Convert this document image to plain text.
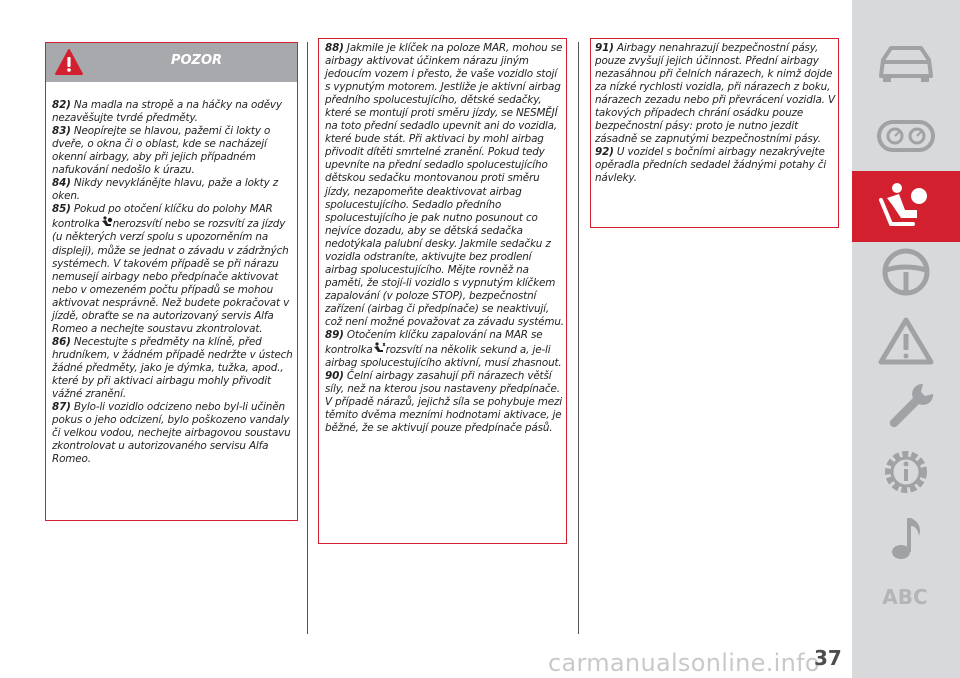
POZOR

82) Na madla na stropě a na háčky na oděvy nezavěšujte tvrdé předměty.

83) Neopírejte se hlavou, pažemi či lokty o dveře, o okna či o oblast, kde se nacházejí okenní airbagy, aby při jejich případném nafukování nedošlo k úrazu.

84) Nikdy nevyklánějte hlavu, paže a lokty z oken.

85) Pokud po otočení klíčku do polohy MAR kontrolka nerozsvítí nebo se rozsvítí za jízdy (u některých verzí spolu s upozorněním na displeji), může se jednat o závadu v zádržných systémech. V takovém případě se při nárazu nemusejí airbagy nebo předpínače aktivovat nebo v omezeném počtu případů se mohou aktivovat nesprávně. Než budete pokračovat v jízdě, obraťte se na autorizovaný servis Alfa Romeo a nechejte soustavu zkontrolovat.

86) Necestujte s předměty na klíně, před hrudníkem, v žádném případě nedržte v ústech žádné předměty, jako je dýmka, tužka, apod., které by při aktivaci airbagu mohly přivodit vážné zranění.

87) Bylo-li vozidlo odcizeno nebo byl-li učiněn pokus o jeho odcizení, bylo poškozeno vandaly či velkou vodou, nechejte airbagovou soustavu zkontrolovat u autorizovaného servisu Alfa Romeo.

88) Jakmile je klíček na poloze MAR, mohou se airbagy aktivovat účinkem nárazu jiným jedoucím vozem i přesto, že vaše vozidlo stojí s vypnutým motorem. Jestliže je aktivní airbag předního spolucestujícího, dětské sedačky, které se montují proti směru jízdy, se NESMĚJÍ na toto přední sedadlo upevnit ani do vozidla, které bude stát. Při aktivaci by mohl airbag přivodit dítěti smrtelné zranění. Pokud tedy upevníte na přední sedadlo spolucestujícího dětskou sedačku montovanou proti směru jízdy, nezapomeňte deaktivovat airbag spolucestujícího. Sedadlo předního spolucestujícího je pak nutno posunout co nejvíce dozadu, aby se dětská sedačka nedotýkala palubní desky. Jakmile sedačku z vozidla odstraníte, aktivujte bez prodlení airbag spolucestujícího. Mějte rovněž na paměti, že stojí-li vozidlo s vypnutým klíčkem zapalování (v poloze STOP), bezpečnostní zařízení (airbag či předpínače) se neaktivují, což není možné považovat za závadu systému.

89) Otočením klíčku zapalování na MAR se kontrolka rozsvítí na několik sekund a, je-li airbag spolucestujícího aktivní, musí zhasnout.

90) Čelní airbagy zasahují při nárazech větší síly, než na kterou jsou nastaveny předpínače. V případě nárazů, jejichž síla se pohybuje mezi těmito dvěma mezními hodnotami aktivace, je běžné, že se aktivují pouze předpínače pásů.

91) Airbagy nenahrazují bezpečnostní pásy, pouze zvyšují jejich účinnost. Přední airbagy nezasáhnou při čelních nárazech, k nimž dojde za nízké rychlosti vozidla, při nárazech z boku, nárazech zezadu nebo při převrácení vozidla. V takových případech chrání osádku pouze bezpečnostní pásy: proto je nutno jezdit zásadně se zapnutými bezpečnostními pásy.

92) U vozidel s bočními airbagy nezakrývejte opěradla předních sedadel žádnými potahy či návleky.

ABC
carmanualsonline.info
37
